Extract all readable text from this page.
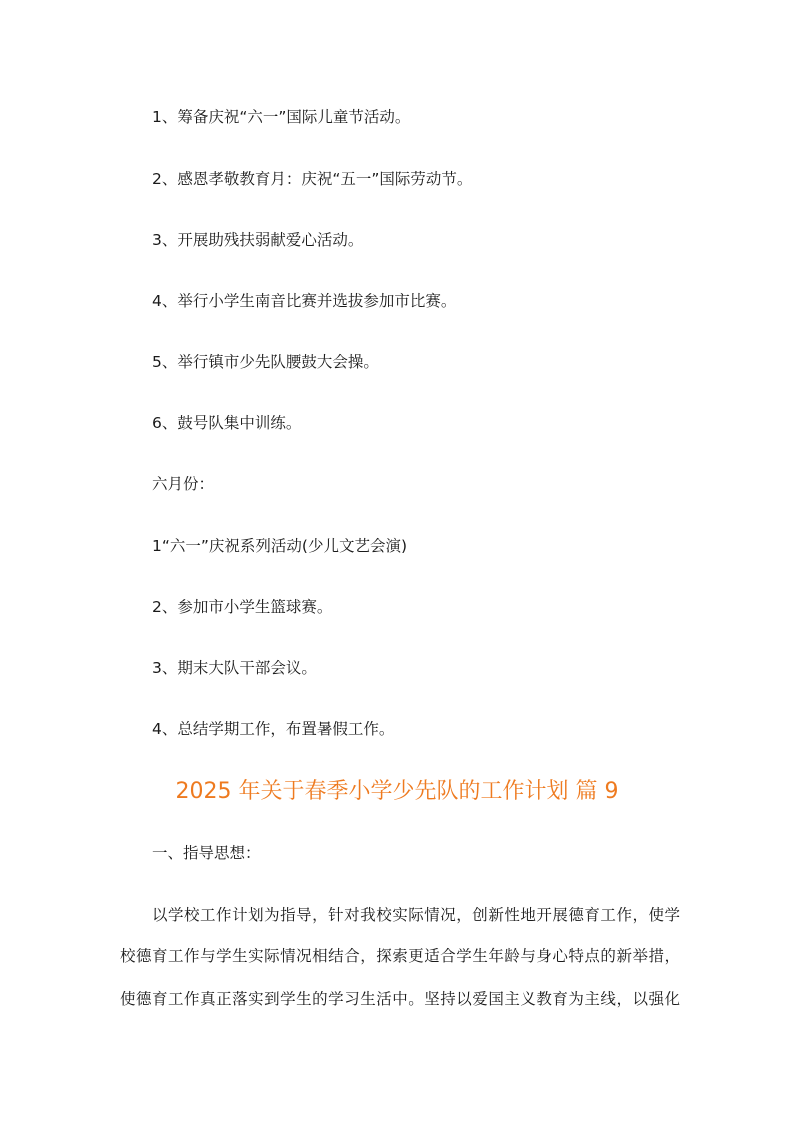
1、筹备庆祝“六一”国际儿童节活动。
2、感恩孝敬教育月：庆祝“五一”国际劳动节。
3、开展助残扶弱献爱心活动。
4、举行小学生南音比赛并选拔参加市比赛。
5、举行镇市少先队腰鼓大会操。
6、鼓号队集中训练。
六月份：
1“六一”庆祝系列活动(少儿文艺会演)
2、参加市小学生篮球赛。
3、期末大队干部会议。
4、总结学期工作，布置暑假工作。
2025 年关于春季小学少先队的工作计划 篇 9
一、指导思想：
以学校工作计划为指导，针对我校实际情况，创新性地开展德育工作，使学
校德育工作与学生实际情况相结合，探索更适合学生年龄与身心特点的新举措，
使德育工作真正落实到学生的学习生活中。坚持以爱国主义教育为主线，以强化
